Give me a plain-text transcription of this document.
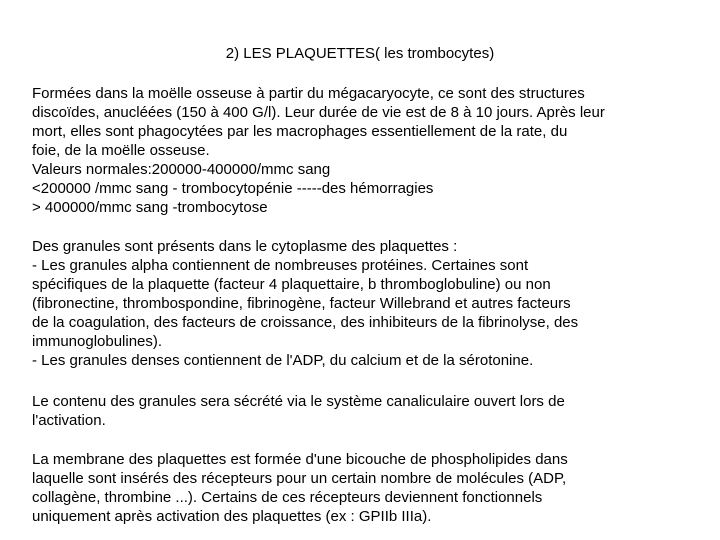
2) LES PLAQUETTES( les trombocytes)
Formées dans la moëlle osseuse à partir du mégacaryocyte, ce sont des structures
discoïdes, anucléées (150 à 400 G/l). Leur durée de vie est de 8 à 10 jours. Après leur
mort, elles sont phagocytées par les macrophages essentiellement de la rate, du
foie, de la moëlle osseuse.
Valeurs normales:200000-400000/mmc sang
<200000 /mmc sang - trombocytopénie -----des hémorragies
> 400000/mmc sang -trombocytose
Des granules sont présents dans le cytoplasme des plaquettes :
- Les granules alpha contiennent de nombreuses protéines. Certaines sont
spécifiques de la plaquette (facteur 4 plaquettaire, b thromboglobuline) ou non
(fibronectine, thrombospondine, fibrinogène, facteur Willebrand et autres facteurs
de la coagulation, des facteurs de croissance, des inhibiteurs de la fibrinolyse, des
immunoglobulines).
- Les granules denses contiennent de l'ADP, du calcium et de la sérotonine.
Le contenu des granules sera sécrété via le système canaliculaire ouvert lors de
l'activation.
La membrane des plaquettes est formée d'une bicouche de phospholipides dans
laquelle sont insérés des récepteurs pour un certain nombre de molécules (ADP,
collagène, thrombine ...). Certains de ces récepteurs deviennent fonctionnels
uniquement après activation des plaquettes (ex : GPIIb IIIa).
